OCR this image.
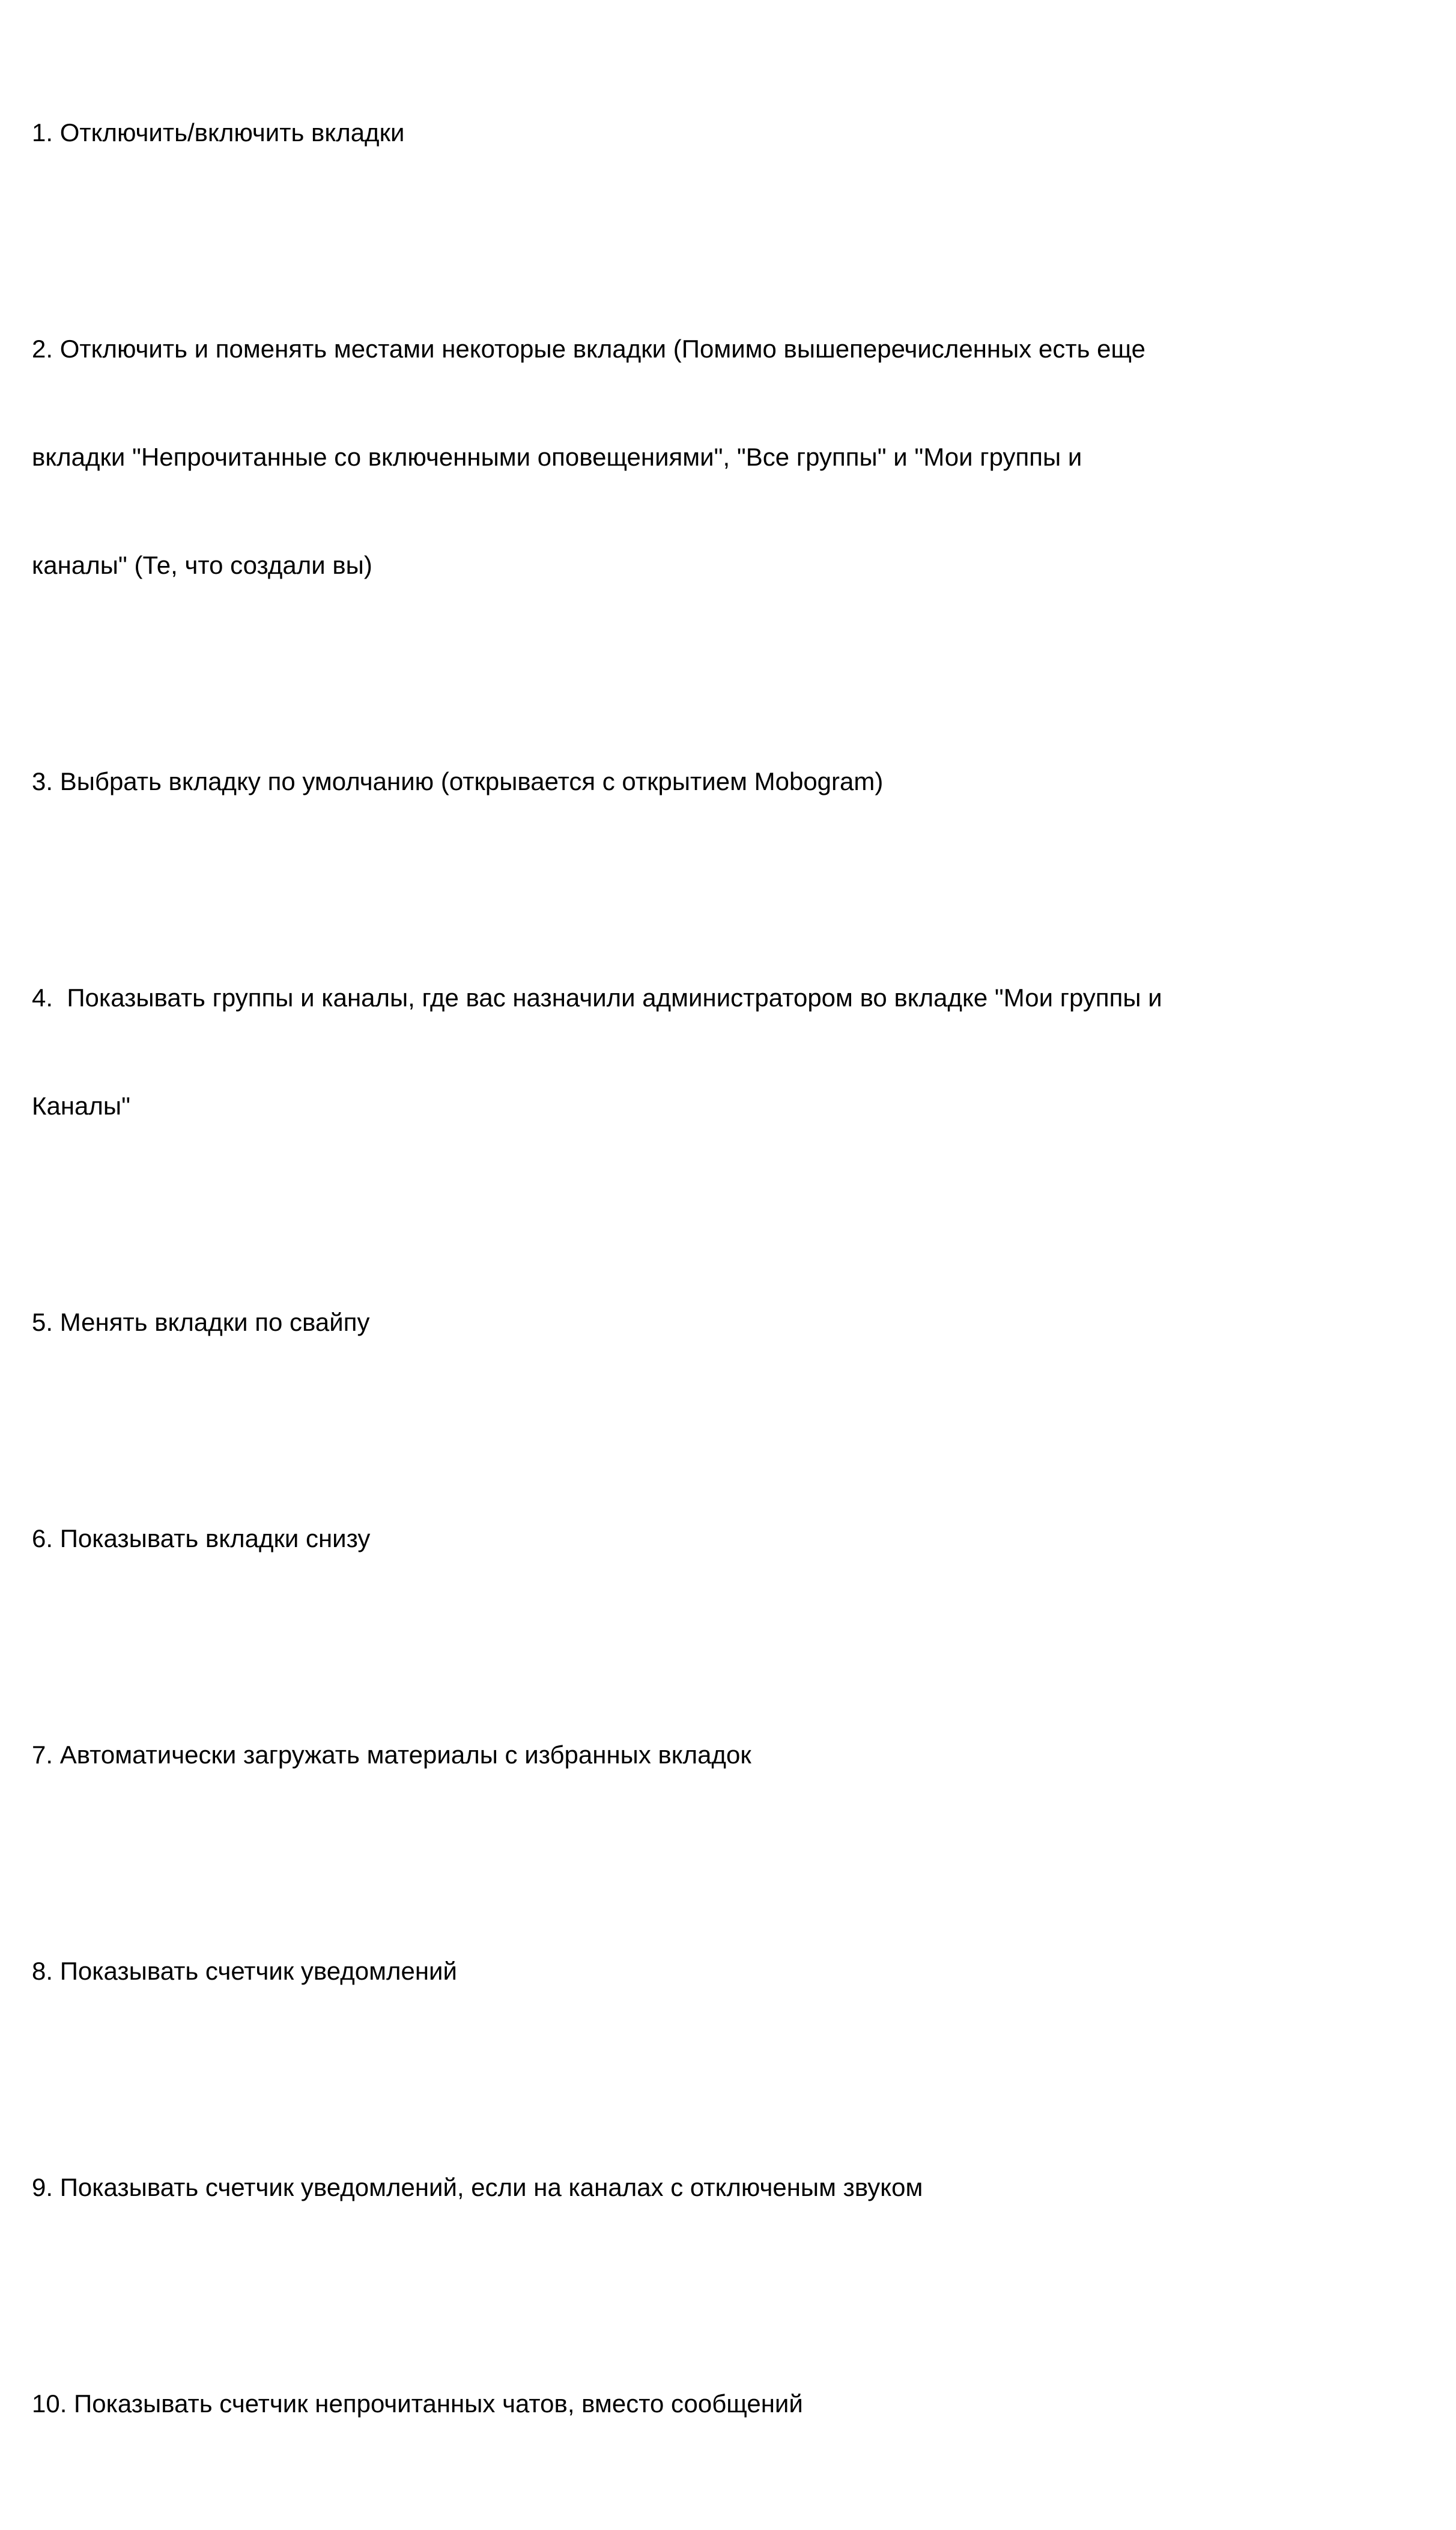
1. Отключить/включить вкладки

2. Отключить и поменять местами некоторые вкладки (Помимо вышеперечисленных есть еще

вкладки "Непрочитанные со включенными оповещениями", "Все группы" и "Мои группы и

каналы" (Те, что создали вы)

3. Выбрать вкладку по умолчанию (открывается с открытием Mobogram)

4.  Показывать группы и каналы, где вас назначили администратором во вкладке "Мои группы и

Каналы"

5. Менять вкладки по свайпу

6. Показывать вкладки снизу

7. Автоматически загружать материалы с избранных вкладок

8. Показывать счетчик уведомлений

9. Показывать счетчик уведомлений, если на каналах с отключеным звуком

10. Показывать счетчик непрочитанных чатов, вместо сообщений
